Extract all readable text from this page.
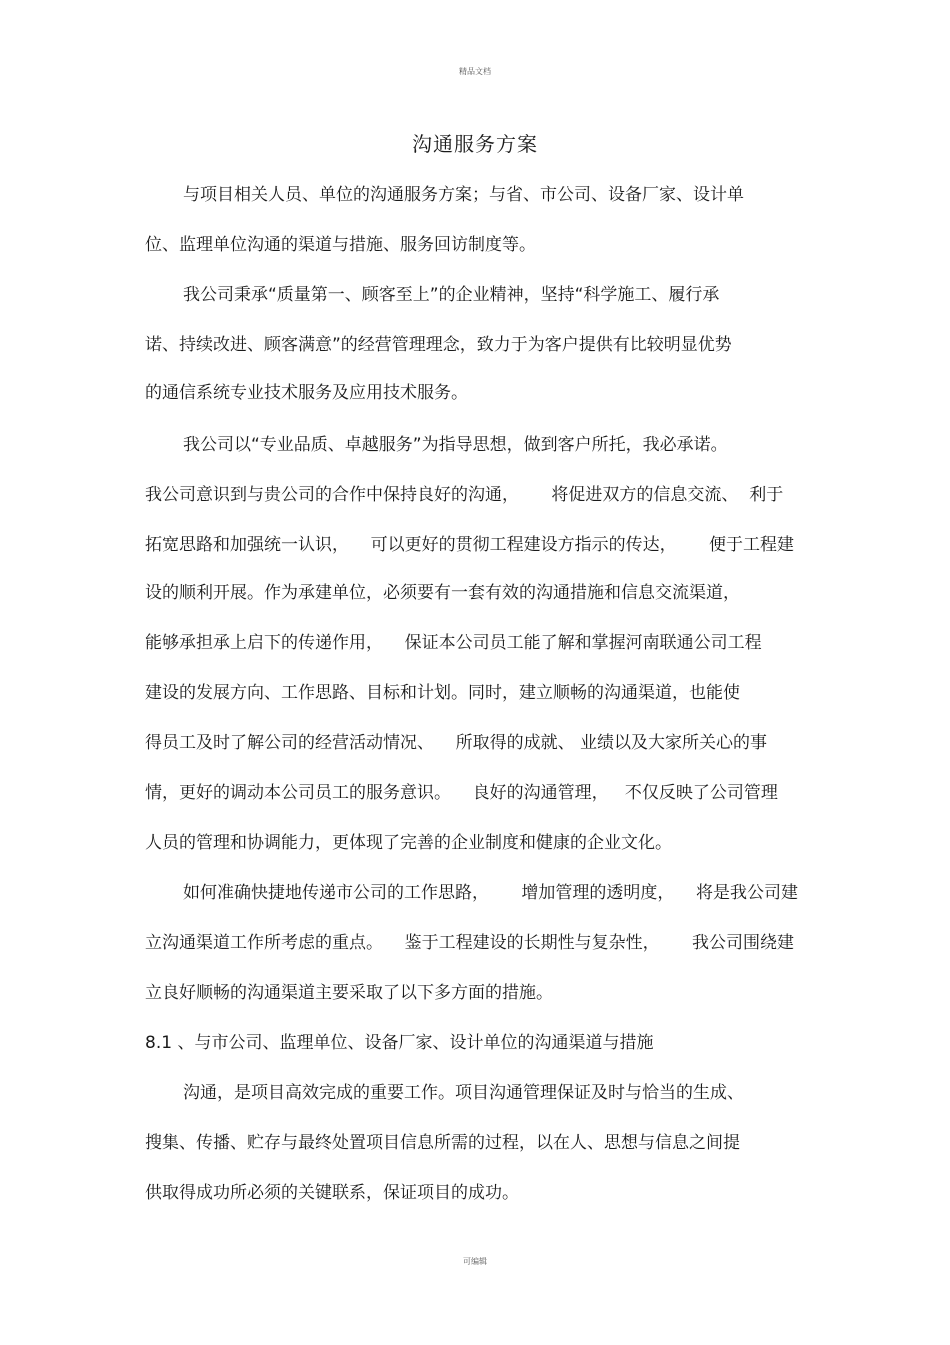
精品文档
沟通服务方案
与项目相关人员、单位的沟通服务方案；与省、市公司、设备厂家、设计单
位、监理单位沟通的渠道与措施、服务回访制度等。
我公司秉承“质量第一、顾客至上”的企业精神，坚持“科学施工、履行承
诺、持续改进、顾客满意”的经营管理理念，致力于为客户提供有比较明显优势
的通信系统专业技术服务及应用技术服务。
我公司以“专业品质、卓越服务”为指导思想，做到客户所托，我必承诺。
我公司意识到与贵公司的合作中保持良好的沟通，      将促进双方的信息交流、  利于
拓宽思路和加强统一认识，    可以更好的贯彻工程建设方指示的传达，      便于工程建
设的顺利开展。作为承建单位，必须要有一套有效的沟通措施和信息交流渠道，
能够承担承上启下的传递作用，    保证本公司员工能了解和掌握河南联通公司工程
建设的发展方向、工作思路、目标和计划。同时，建立顺畅的沟通渠道，也能使
得员工及时了解公司的经营活动情况、    所取得的成就、 业绩以及大家所关心的事
情，更好的调动本公司员工的服务意识。    良好的沟通管理，   不仅反映了公司管理
人员的管理和协调能力，更体现了完善的企业制度和健康的企业文化。
如何准确快捷地传递市公司的工作思路，      增加管理的透明度，    将是我公司建
立沟通渠道工作所考虑的重点。    鉴于工程建设的长期性与复杂性，      我公司围绕建
立良好顺畅的沟通渠道主要采取了以下多方面的措施。
8.1 、与市公司、监理单位、设备厂家、设计单位的沟通渠道与措施
沟通，是项目高效完成的重要工作。项目沟通管理保证及时与恰当的生成、
搜集、传播、贮存与最终处置项目信息所需的过程，以在人、思想与信息之间提
供取得成功所必须的关键联系，保证项目的成功。
可编辑
